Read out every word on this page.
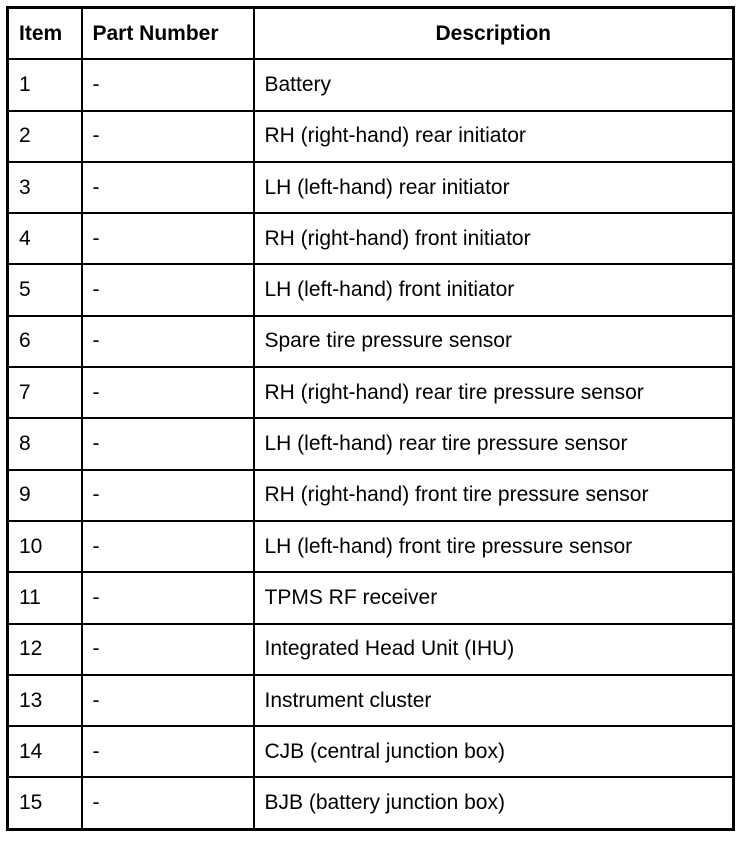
Item	Part Number	Description
1	-	Battery
2	-	RH (right-hand) rear initiator
3	-	LH (left-hand) rear initiator
4	-	RH (right-hand) front initiator
5	-	LH (left-hand) front initiator
6	-	Spare tire pressure sensor
7	-	RH (right-hand) rear tire pressure sensor
8	-	LH (left-hand) rear tire pressure sensor
9	-	RH (right-hand) front tire pressure sensor
10	-	LH (left-hand) front tire pressure sensor
11	-	TPMS RF receiver
12	-	Integrated Head Unit (IHU)
13	-	Instrument cluster
14	-	CJB (central junction box)
15	-	BJB (battery junction box)
